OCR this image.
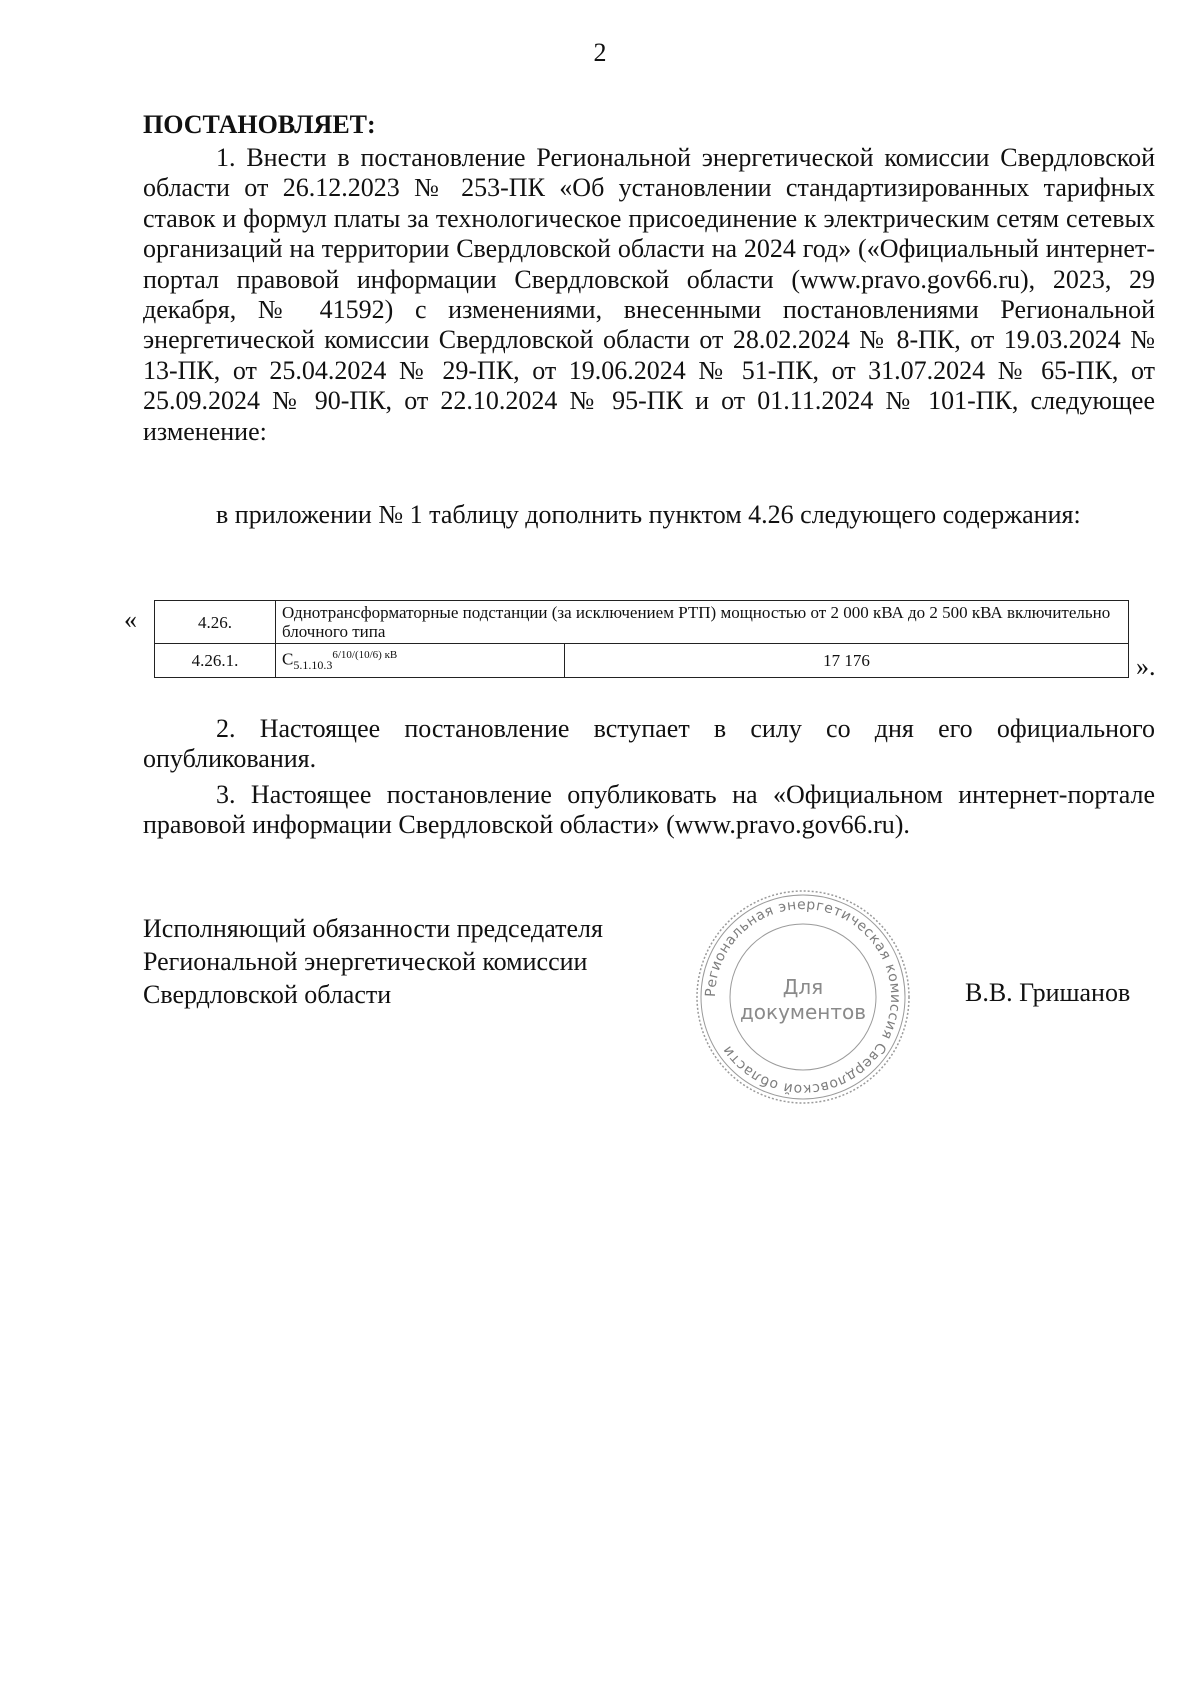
2
ПОСТАНОВЛЯЕТ:

1. Внести в постановление Региональной энергетической комиссии Свердловской области от 26.12.2023 № 253-ПК «Об установлении стандартизированных тарифных ставок и формул платы за технологическое присоединение к электрическим сетям сетевых организаций на территории Свердловской области на 2024 год» («Официальный интернет-портал правовой информации Свердловской области (www.pravo.gov66.ru), 2023, 29 декабря, № 41592) с изменениями, внесенными постановлениями Региональной энергетической комиссии Свердловской области от 28.02.2024 № 8-ПК, от 19.03.2024 № 13-ПК, от 25.04.2024 № 29-ПК, от 19.06.2024 № 51-ПК, от 31.07.2024 № 65-ПК, от 25.09.2024 № 90-ПК, от 22.10.2024 № 95-ПК и от 01.11.2024 № 101-ПК, следующее изменение:

в приложении № 1 таблицу дополнить пунктом 4.26 следующего содержания:

«	4.26.	Однотрансформаторные подстанции (за исключением РТП) мощностью от 2 000 кВА до 2 500 кВА включительно блочного типа	
4.26.1.	$C_{5.1.10.3}^{6/10/(10/6) кВ}$	17 176	».

2. Настоящее постановление вступает в силу со дня его официального опубликования.

3. Настоящее постановление опубликовать на «Официальном интернет-портале правовой информации Свердловской области» (www.pravo.gov66.ru).

Исполняющий обязанности председателя
Региональной энергетической комиссии
Свердловской области	В.В. Гришанов
Региональная энергетическая комиссия Свердловской области
Для
документов
